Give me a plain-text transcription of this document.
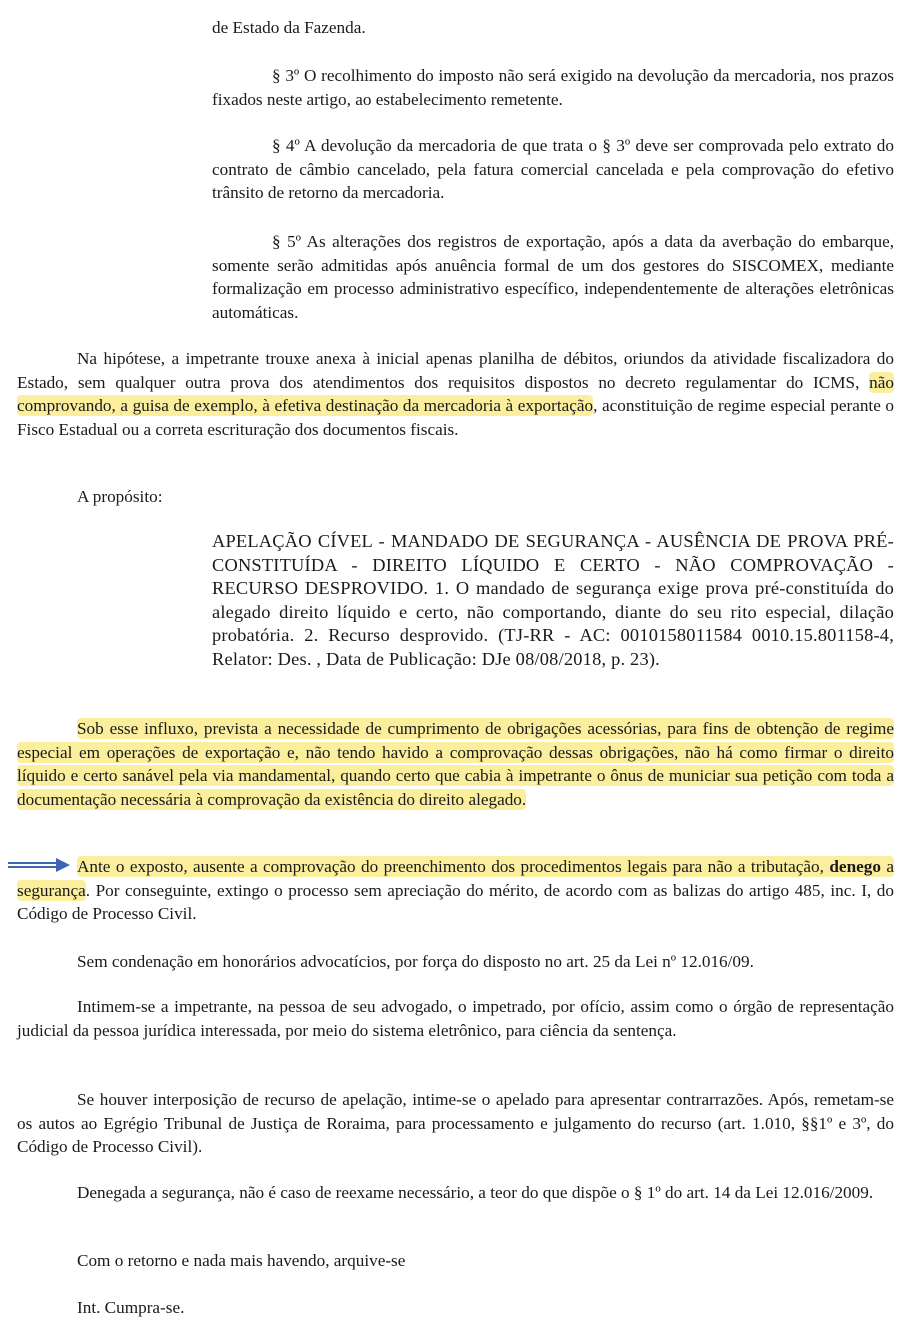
de Estado da Fazenda.

§ 3º O recolhimento do imposto não será exigido na devolução da mercadoria, nos prazos fixados neste artigo, ao estabelecimento remetente.

§ 4º A devolução da mercadoria de que trata o § 3º deve ser comprovada pelo extrato do contrato de câmbio cancelado, pela fatura comercial cancelada e pela comprovação do efetivo trânsito de retorno da mercadoria.

§ 5º As alterações dos registros de exportação, após a data da averbação do embarque, somente serão admitidas após anuência formal de um dos gestores do SISCOMEX, mediante formalização em processo administrativo específico, independentemente de alterações eletrônicas automáticas.

Na hipótese, a impetrante trouxe anexa à inicial apenas planilha de débitos, oriundos da atividade fiscalizadora do Estado, sem qualquer outra prova dos atendimentos dos requisitos dispostos no decreto regulamentar do ICMS, não comprovando, a guisa de exemplo, à efetiva destinação da mercadoria à exportação, aconstituição de regime especial perante o Fisco Estadual ou a correta escrituração dos documentos fiscais.

A propósito:

APELAÇÃO CÍVEL - MANDADO DE SEGURANÇA - AUSÊNCIA DE PROVA PRÉ-CONSTITUÍDA - DIREITO LÍQUIDO E CERTO - NÃO COMPROVAÇÃO - RECURSO DESPROVIDO. 1. O mandado de segurança exige prova pré-constituída do alegado direito líquido e certo, não comportando, diante do seu rito especial, dilação probatória. 2. Recurso desprovido. (TJ-RR - AC: 0010158011584 0010.15.801158-4, Relator: Des. , Data de Publicação: DJe 08/08/2018, p. 23).

Sob esse influxo, prevista a necessidade de cumprimento de obrigações acessórias, para fins de obtenção de regime especial em operações de exportação e, não tendo havido a comprovação dessas obrigações, não há como firmar o direito líquido e certo sanável pela via mandamental, quando certo que cabia à impetrante o ônus de municiar sua petição com toda a documentação necessária à comprovação da existência do direito alegado.

Ante o exposto, ausente a comprovação do preenchimento dos procedimentos legais para não a tributação, denego a segurança. Por conseguinte, extingo o processo sem apreciação do mérito, de acordo com as balizas do artigo 485, inc. I, do Código de Processo Civil.

Sem condenação em honorários advocatícios, por força do disposto no art. 25 da Lei nº 12.016/09.

Intimem-se a impetrante, na pessoa de seu advogado, o impetrado, por ofício, assim como o órgão de representação judicial da pessoa jurídica interessada, por meio do sistema eletrônico, para ciência da sentença.

Se houver interposição de recurso de apelação, intime-se o apelado para apresentar contrarrazões. Após, remetam-se os autos ao Egrégio Tribunal de Justiça de Roraima, para processamento e julgamento do recurso (art. 1.010, §§1º e 3º, do Código de Processo Civil).

Denegada a segurança, não é caso de reexame necessário, a teor do que dispõe o § 1º do art. 14 da Lei 12.016/2009.

Com o retorno e nada mais havendo, arquive-se

Int. Cumpra-se.
